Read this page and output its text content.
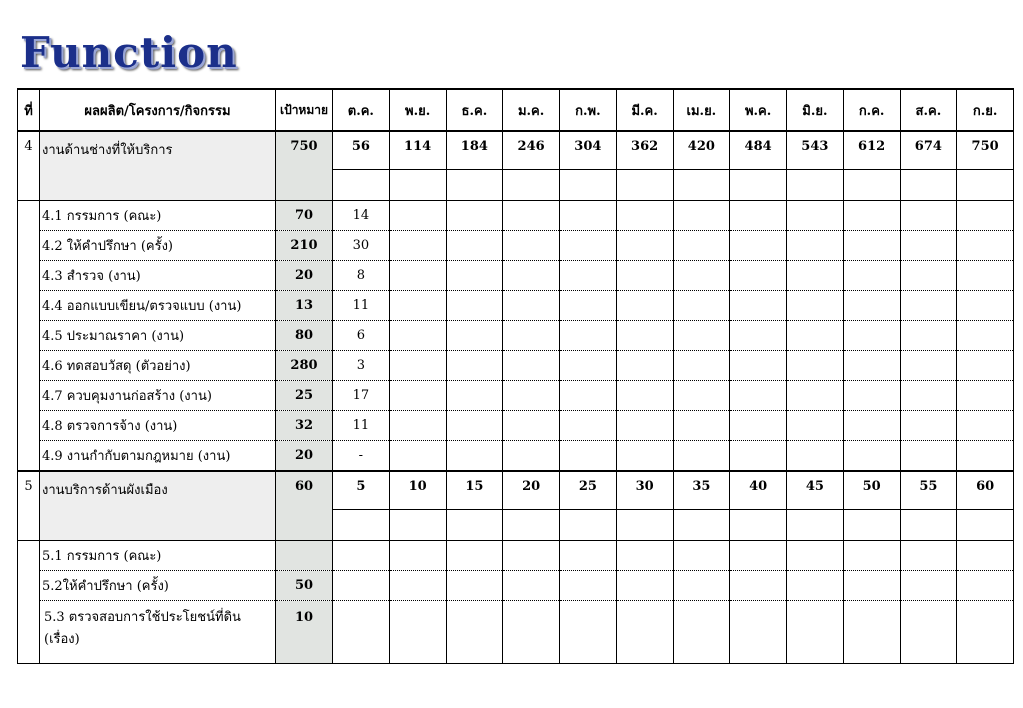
Function
ที่	ผลผลิต/โครงการ/กิจกรรม	เป้าหมาย	ต.ค.	พ.ย.	ธ.ค.	ม.ค.	ก.พ.	มี.ค.	เม.ย.	พ.ค.	มิ.ย.	ก.ค.	ส.ค.	ก.ย.
4	งานด้านช่างที่ให้บริการ	750	56	114	184	246	304	362	420	484	543	612	674	750

	4.1 กรรมการ (คณะ)	70	14											
	4.2 ให้คำปรึกษา (ครั้ง)	210	30											
	4.3 สำรวจ (งาน)	20	8											
	4.4 ออกแบบเขียน/ตรวจแบบ (งาน)	13	11											
	4.5 ประมาณราคา (งาน)	80	6											
	4.6 ทดสอบวัสดุ (ตัวอย่าง)	280	3											
	4.7 ควบคุมงานก่อสร้าง (งาน)	25	17											
	4.8 ตรวจการจ้าง (งาน)	32	11											
	4.9 งานกำกับตามกฎหมาย (งาน)	20	-											
5	งานบริการด้านผังเมือง	60	5	10	15	20	25	30	35	40	45	50	55	60

	5.1 กรรมการ (คณะ)													
	5.2ให้คำปรึกษา (ครั้ง)	50												
	5.3 ตรวจสอบการใช้ประโยชน์ที่ดิน (เรื่อง)	10												
